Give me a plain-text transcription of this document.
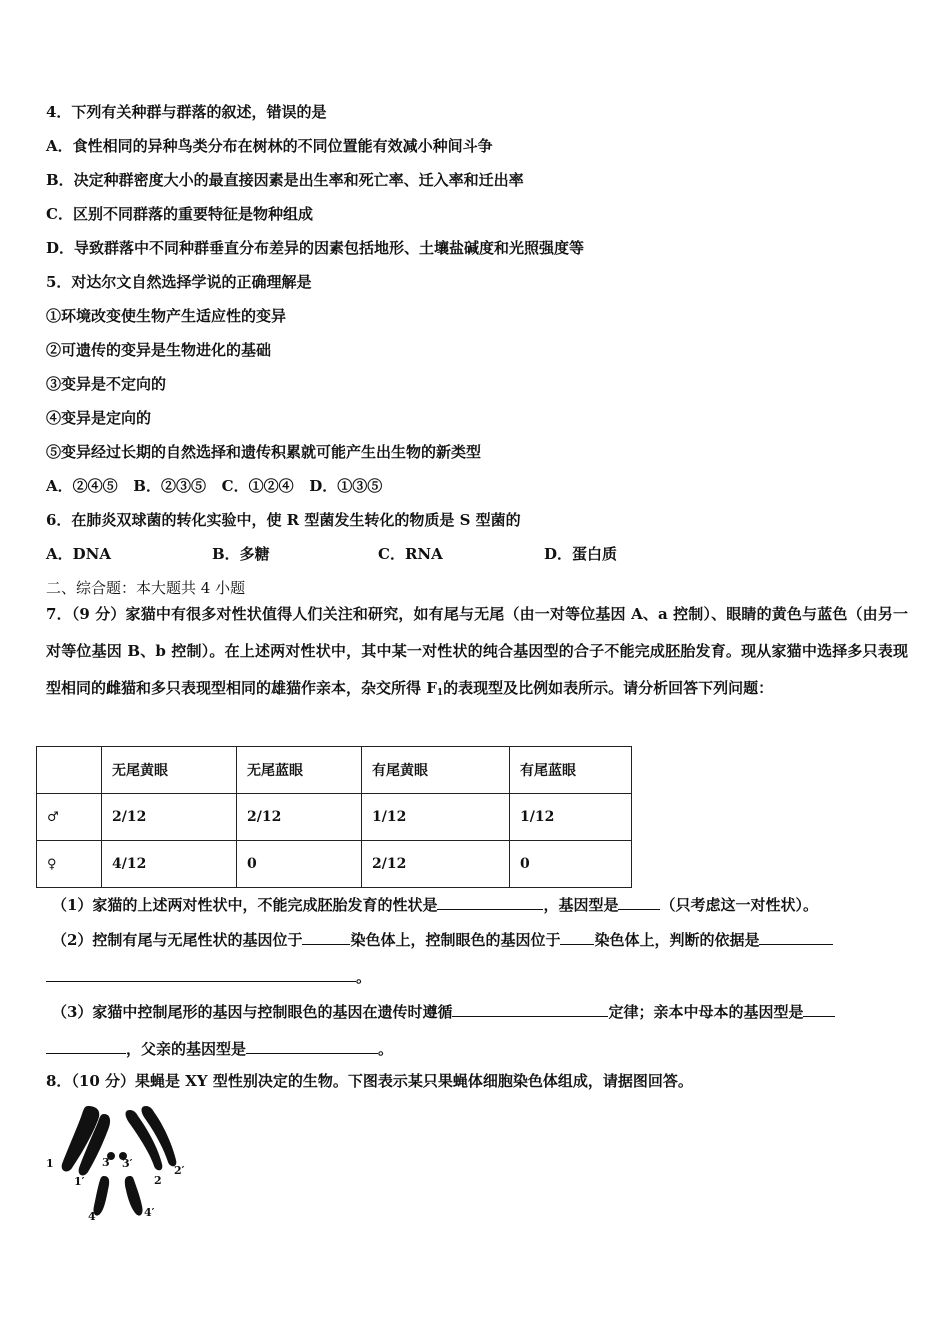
4．下列有关种群与群落的叙述，错误的是
A．食性相同的异种鸟类分布在树林的不同位置能有效减小种间斗争
B．决定种群密度大小的最直接因素是出生率和死亡率、迁入率和迁出率
C．区别不同群落的重要特征是物种组成
D．导致群落中不同种群垂直分布差异的因素包括地形、土壤盐碱度和光照强度等
5．对达尔文自然选择学说的正确理解是
①环境改变使生物产生适应性的变异
②可遗传的变异是生物进化的基础
③变异是不定向的
④变异是定向的
⑤变异经过长期的自然选择和遗传积累就可能产生出生物的新类型
A．②④⑤   B．②③⑤   C．①②④   D．①③⑤
6．在肺炎双球菌的转化实验中，使 R 型菌发生转化的物质是 S 型菌的
A．DNA	B．多糖	C．RNA	D．蛋白质
二、综合题：本大题共 4 小题
7．（9 分）家猫中有很多对性状值得人们关注和研究，如有尾与无尾（由一对等位基因 A、a 控制）、眼睛的黄色与蓝色（由另一对等位基因 B、b 控制）。在上述两对性状中，其中某一对性状的纯合基因型的合子不能完成胚胎发育。现从家猫中选择多只表现型相同的雌猫和多只表现型相同的雄猫作亲本，杂交所得 $F_1$的表现型及比例如表所示。请分析回答下列问题：
	无尾黄眼	无尾蓝眼	有尾黄眼	有尾蓝眼
♂	2/12	2/12	1/12	1/12
♀	4/12	0	2/12	0
（1）家猫的上述两对性状中，不能完成胚胎发育的性状是	，基因型是	（只考虑这一对性状）。
（2）控制有尾与无尾性状的基因位于	染色体上，控制眼色的基因位于 染色体上，判断的依据是
。
（3）家猫中控制尾形的基因与控制眼色的基因在遗传时遵循	定律；亲本中母本的基因型是
，父亲的基因型是	。
8．（10 分）果蝇是 XY 型性别决定的生物。下图表示某只果蝇体细胞染色体组成，请据图回答。
1
1′
3 3′
2
2′
4	4′
